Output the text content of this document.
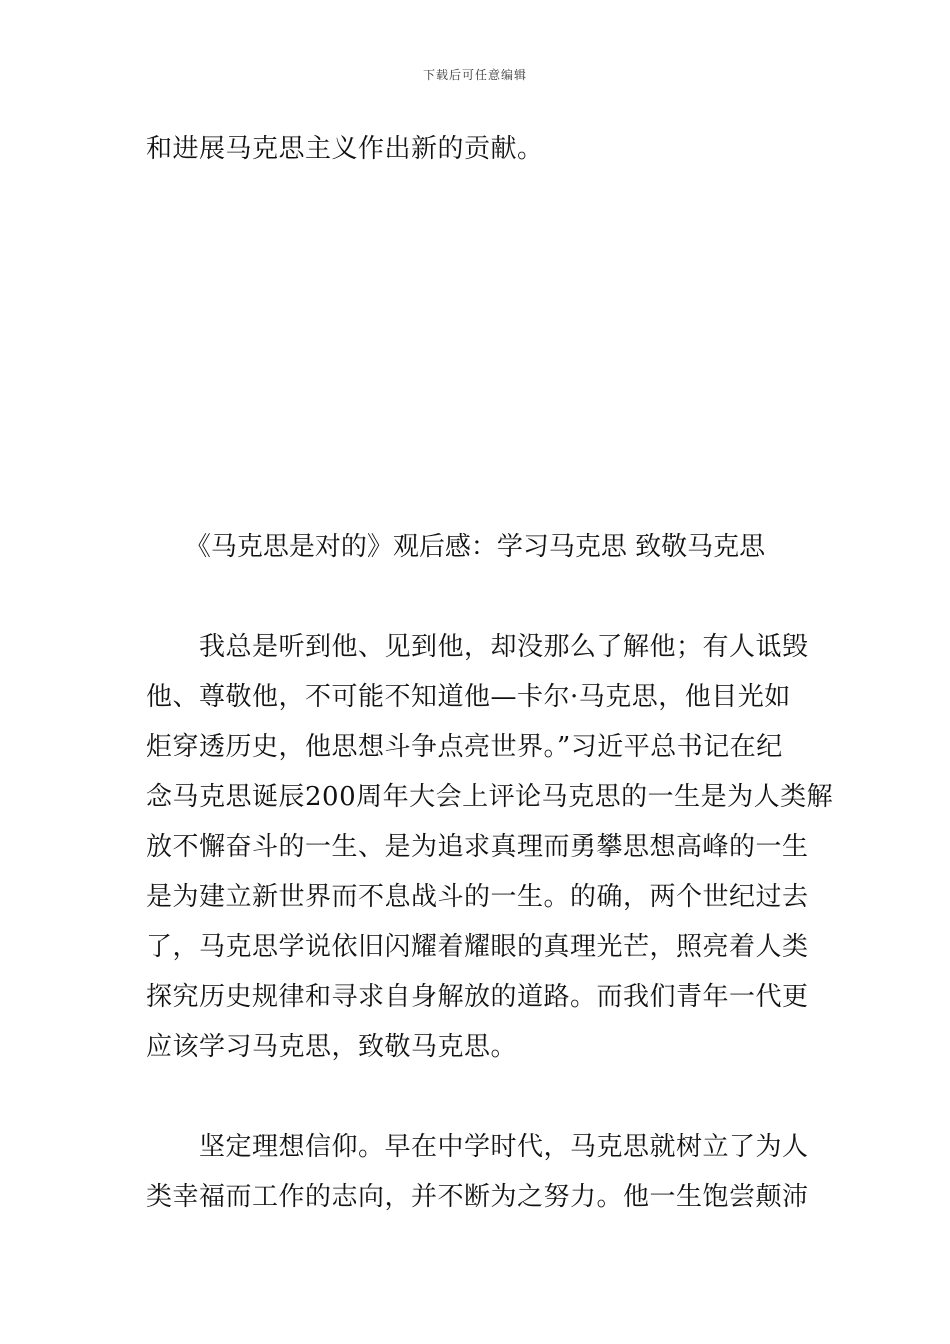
下载后可任意编辑
和进展马克思主义作出新的贡献。
《马克思是对的》观后感：学习马克思 致敬马克思
　　我总是听到他、见到他，却没那么了解他；有人诋毁
他、尊敬他，不可能不知道他—卡尔·马克思，他目光如
炬穿透历史，他思想斗争点亮世界。”习近平总书记在纪
念马克思诞辰200周年大会上评论马克思的一生是为人类解
放不懈奋斗的一生、是为追求真理而勇攀思想高峰的一生
是为建立新世界而不息战斗的一生。的确，两个世纪过去
了，马克思学说依旧闪耀着耀眼的真理光芒，照亮着人类
探究历史规律和寻求自身解放的道路。而我们青年一代更
应该学习马克思，致敬马克思。
　　坚定理想信仰。早在中学时代，马克思就树立了为人
类幸福而工作的志向，并不断为之努力。他一生饱尝颠沛
